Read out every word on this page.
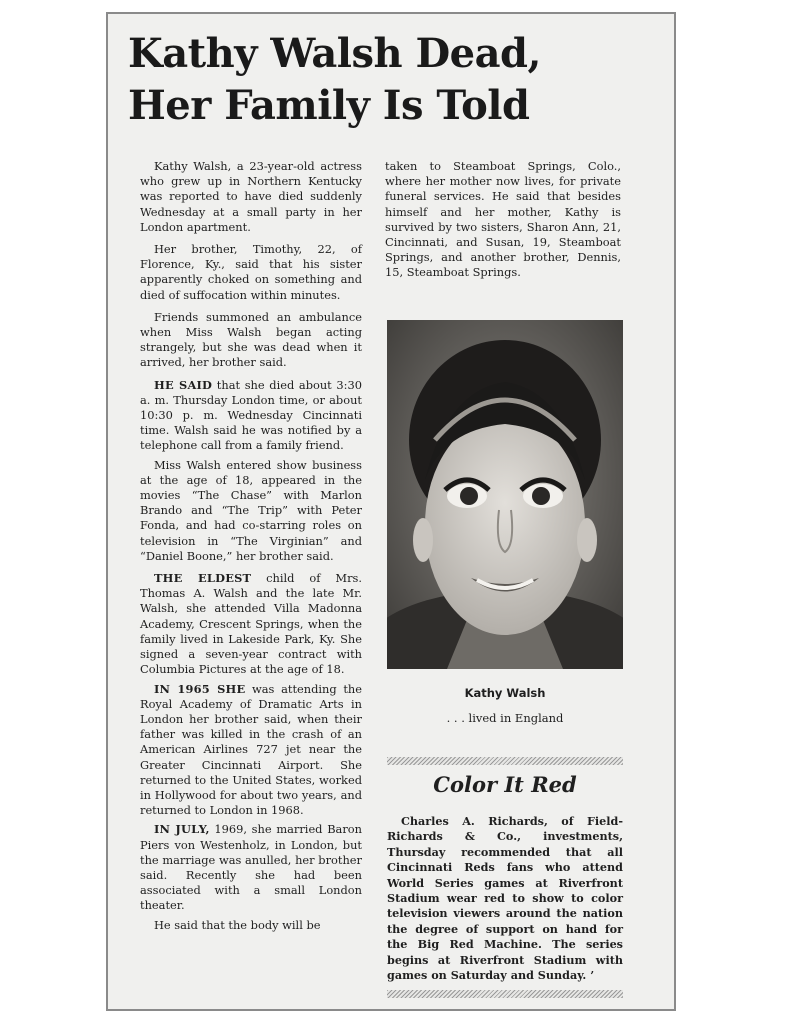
Kathy Walsh Dead,
Her Family Is Told

Kathy Walsh, a 23-year-old actress who grew up in Northern Kentucky was reported to have died suddenly Wednesday at a small party in her London apartment.

Her brother, Timothy, 22, of Florence, Ky., said that his sister apparently choked on something and died of suffocation within minutes.

Friends summoned an ambulance when Miss Walsh began acting strangely, but she was dead when it arrived, her brother said.

HE SAID that she died about 3:30 a. m. Thursday London time, or about 10:30 p. m. Wednesday Cincinnati time. Walsh said he was notified by a telephone call from a family friend.

Miss Walsh entered show business at the age of 18, appeared in the movies “The Chase” with Marlon Brando and “The Trip” with Peter Fonda, and had co-starring roles on television in “The Virginian” and “Daniel Boone,” her brother said.

THE ELDEST child of Mrs. Thomas A. Walsh and the late Mr. Walsh, she attended Villa Madonna Academy, Crescent Springs, when the family lived in Lakeside Park, Ky. She signed a seven-year contract with Columbia Pictures at the age of 18.

IN 1965 SHE was attending the Royal Academy of Dramatic Arts in London her brother said, when their father was killed in the crash of an American Airlines 727 jet near the Greater Cincinnati Airport. She returned to the United States, worked in Hollywood for about two years, and returned to London in 1968.

IN JULY, 1969, she married Baron Piers von Westenholz, in London, but the marriage was anulled, her brother said. Recently she had been associated with a small London theater.

He said that the body will be

taken to Steamboat Springs, Colo., where her mother now lives, for private funeral services. He said that besides himself and her mother, Kathy is survived by two sisters, Sharon Ann, 21, Cincinnati, and Susan, 19, Steamboat Springs, and another brother, Dennis, 15, Steamboat Springs.

Kathy Walsh
. . . lived in England
Color It Red

Charles A. Richards, of Field-Richards & Co., investments, Thursday recommended that all Cincinnati Reds fans who attend World Series games at Riverfront Stadium wear red to show to color television viewers around the nation the degree of support on hand for the Big Red Machine. The series begins at Riverfront Stadium with games on Saturday and Sunday. ’
